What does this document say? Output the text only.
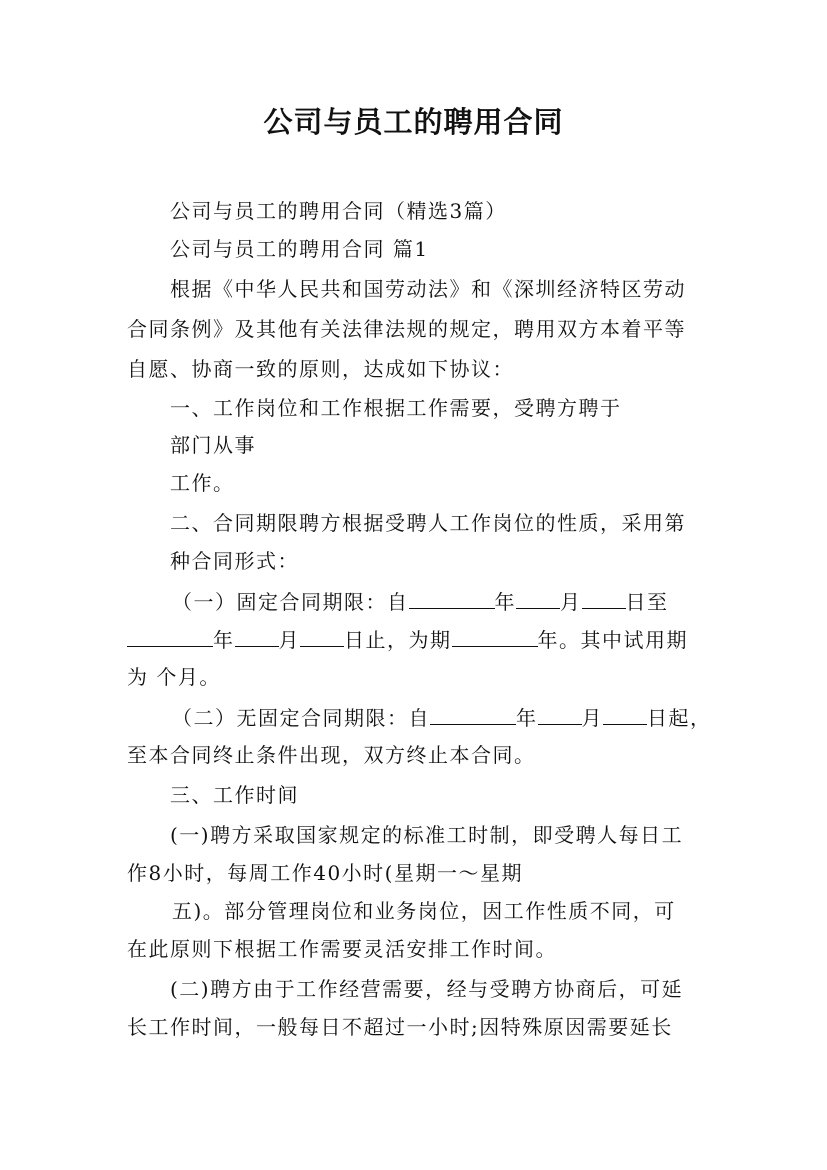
公司与员工的聘用合同

公司与员工的聘用合同（精选3篇）

公司与员工的聘用合同 篇1

根据《中华人民共和国劳动法》和《深圳经济特区劳动

合同条例》及其他有关法律法规的规定，聘用双方本着平等

自愿、协商一致的原则，达成如下协议：

一、工作岗位和工作根据工作需要，受聘方聘于

部门从事

工作。

二、合同期限聘方根据受聘人工作岗位的性质，采用第

种合同形式：

（一）固定合同期限：自	年 月 日至

年 月 日止，为期	年。其中试用期

为 个月。

（二）无固定合同期限：自	年 月 日起，

至本合同终止条件出现，双方终止本合同。

三、工作时间

(一)聘方采取国家规定的标准工时制，即受聘人每日工

作8小时，每周工作40小时(星期一～星期

五)。部分管理岗位和业务岗位，因工作性质不同，可

在此原则下根据工作需要灵活安排工作时间。

(二)聘方由于工作经营需要，经与受聘方协商后，可延

长工作时间，一般每日不超过一小时;因特殊原因需要延长
